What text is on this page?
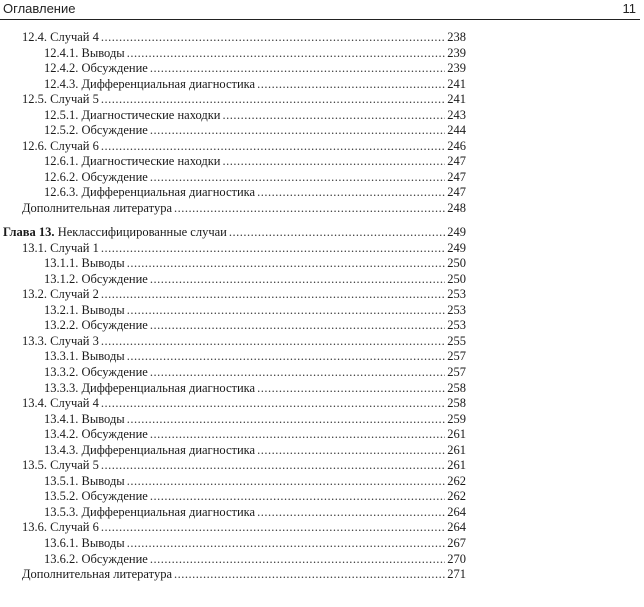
Оглавление	11
12.4. Случай 4 .....	238
12.4.1. Выводы .....	239
12.4.2. Обсуждение .....	239
12.4.3. Дифференциальная диагностика .....	241
12.5. Случай 5 .....	241
12.5.1. Диагностические находки .....	243
12.5.2. Обсуждение .....	244
12.6. Случай 6 .....	246
12.6.1. Диагностические находки .....	247
12.6.2. Обсуждение .....	247
12.6.3. Дифференциальная диагностика .....	247
Дополнительная литература .....	248
Глава 13. Неклассифицированные случаи .....	249
13.1. Случай 1 .....	249
13.1.1. Выводы .....	250
13.1.2. Обсуждение .....	250
13.2. Случай 2 .....	253
13.2.1. Выводы .....	253
13.2.2. Обсуждение .....	253
13.3. Случай 3 .....	255
13.3.1. Выводы .....	257
13.3.2. Обсуждение .....	257
13.3.3. Дифференциальная диагностика .....	258
13.4. Случай 4 .....	258
13.4.1. Выводы .....	259
13.4.2. Обсуждение .....	261
13.4.3. Дифференциальная диагностика .....	261
13.5. Случай 5 .....	261
13.5.1. Выводы .....	262
13.5.2. Обсуждение .....	262
13.5.3. Дифференциальная диагностика .....	264
13.6. Случай 6 .....	264
13.6.1. Выводы .....	267
13.6.2. Обсуждение .....	270
Дополнительная литература .....	271
